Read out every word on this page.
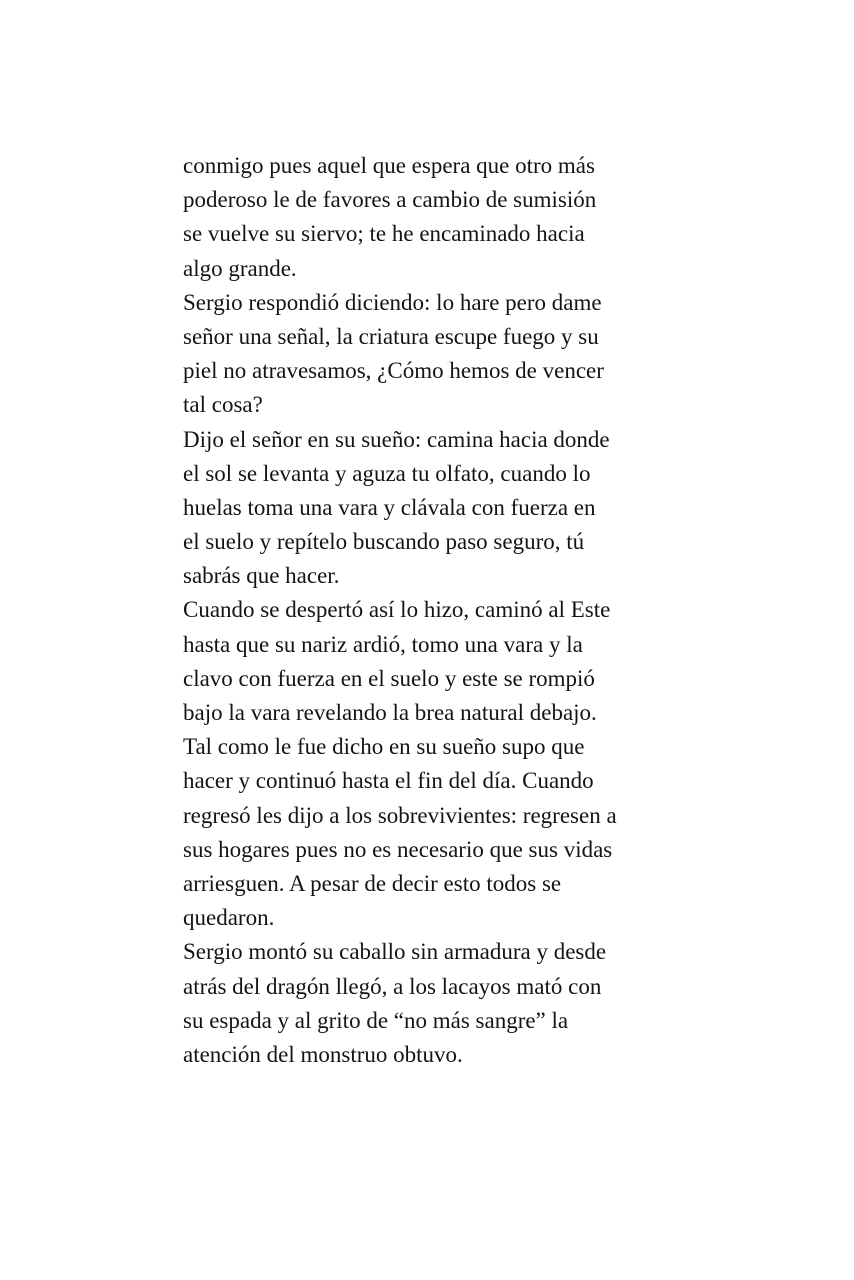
conmigo pues aquel que espera que otro más
poderoso le de favores a cambio de sumisión
se vuelve su siervo; te he encaminado hacia
algo grande.
Sergio respondió diciendo: lo hare pero dame
señor una señal, la criatura escupe fuego y su
piel no atravesamos, ¿Cómo hemos de vencer
tal cosa?
Dijo el señor en su sueño: camina hacia donde
el sol se levanta y aguza tu olfato, cuando lo
huelas toma una vara y clávala con fuerza en
el suelo y repítelo buscando paso seguro, tú
sabrás que hacer.
Cuando se despertó así lo hizo, caminó al Este
hasta que su nariz ardió, tomo una vara y la
clavo con fuerza en el suelo y este se rompió
bajo la vara revelando la brea natural debajo.
Tal como le fue dicho en su sueño supo que
hacer y continuó hasta el fin del día. Cuando
regresó les dijo a los sobrevivientes: regresen a
sus hogares pues no es necesario que sus vidas
arriesguen. A pesar de decir esto todos se
quedaron.
Sergio montó su caballo sin armadura y desde
atrás del dragón llegó, a los lacayos mató con
su espada y al grito de “no más sangre” la
atención del monstruo obtuvo.
